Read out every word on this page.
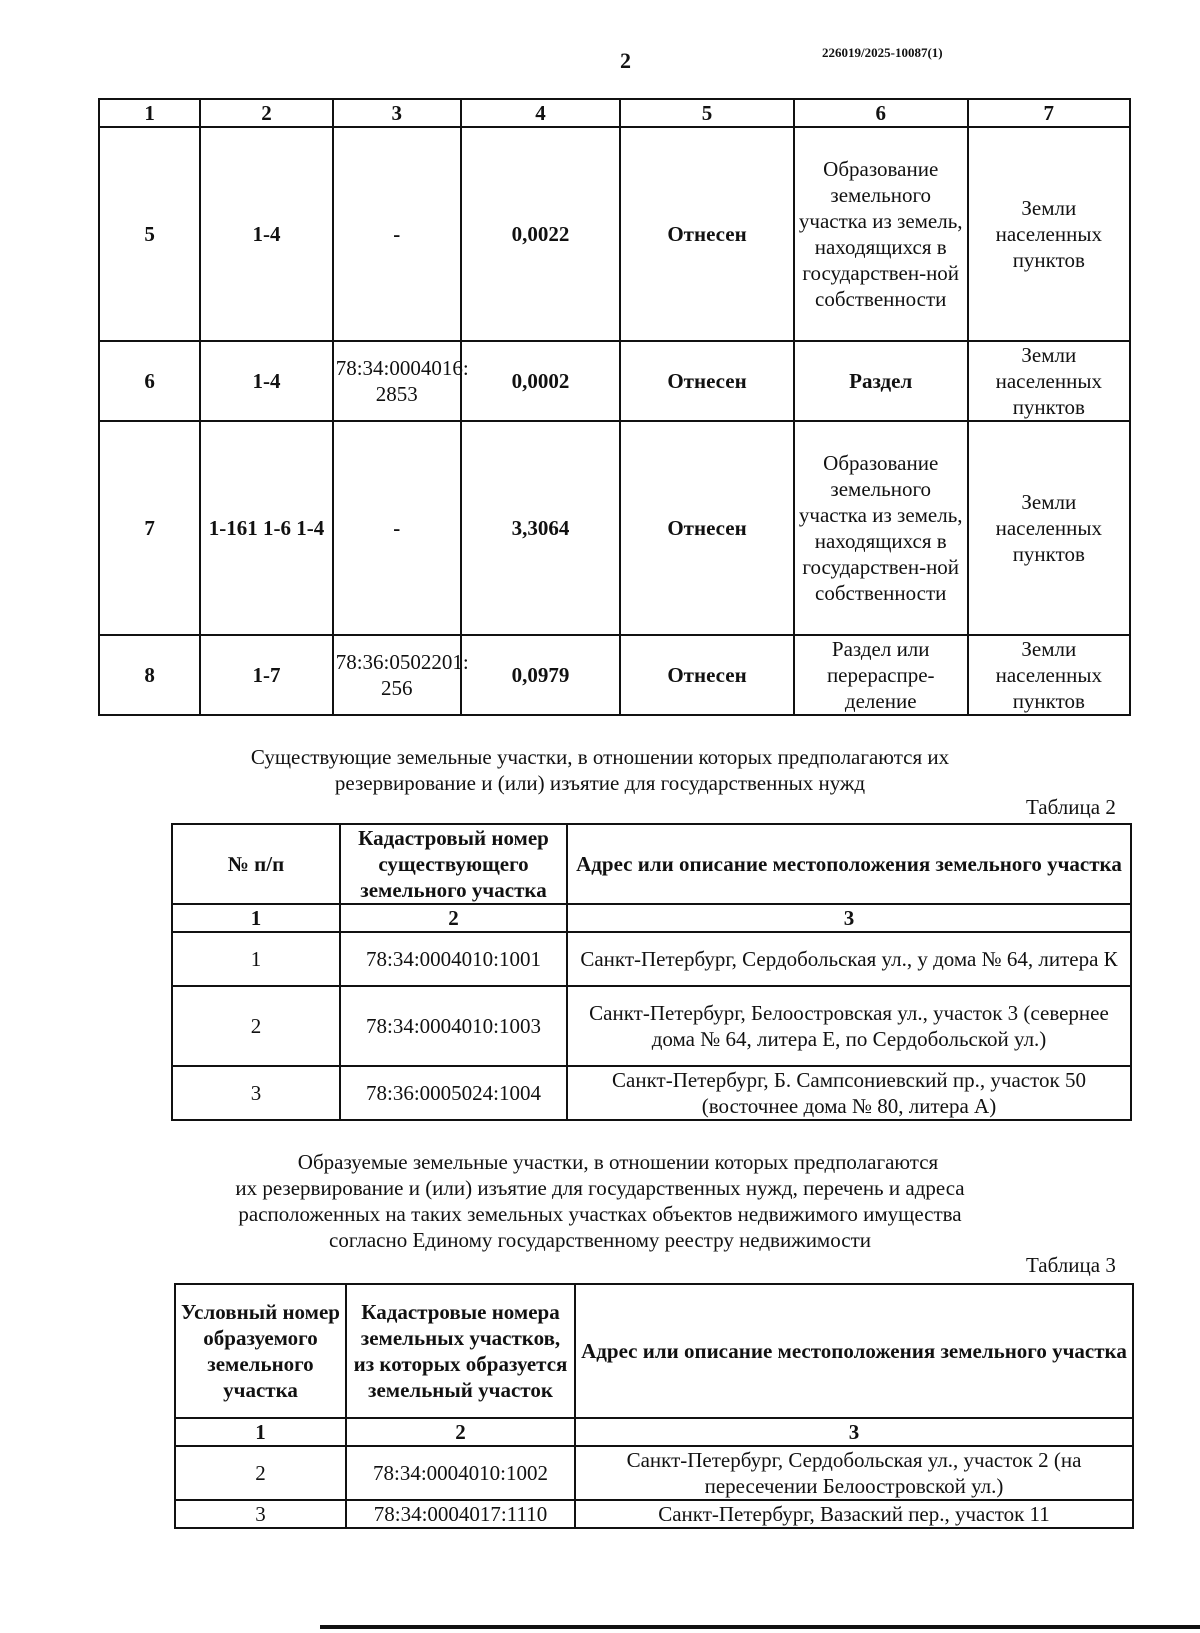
2	226019/2025-10087(1)
1	2	3	4	5	6	7
5	1-4	-	0,0022	Отнесен	Образование земельного участка из земель, находящихся в государствен-ной собственности	Земли населенных пунктов
6	1-4	78:34:0004016: 2853	0,0002	Отнесен	Раздел	Земли населенных пунктов
7	1-161 1-6 1-4	-	3,3064	Отнесен	Образование земельного участка из земель, находящихся в государствен-ной собственности	Земли населенных пунктов
8	1-7	78:36:0502201: 256	0,0979	Отнесен	Раздел или перераспре-деление	Земли населенных пунктов
Существующие земельные участки, в отношении которых предполагаются их
резервирование и (или) изъятие для государственных нужд
Таблица 2
№ п/п	Кадастровый номер существующего земельного участка	Адрес или описание местоположения земельного участка
1	2	3
1	78:34:0004010:1001	Санкт-Петербург, Сердобольская ул., у дома № 64, литера К
2	78:34:0004010:1003	Санкт-Петербург, Белоостровская ул., участок 3 (севернее дома № 64, литера Е, по Сердобольской ул.)
3	78:36:0005024:1004	Санкт-Петербург, Б. Сампсониевский пр., участок 50 (восточнее дома № 80, литера А)
Образуемые земельные участки, в отношении которых предполагаются
их резервирование и (или) изъятие для государственных нужд, перечень и адреса
расположенных на таких земельных участках объектов недвижимого имущества
согласно Единому государственному реестру недвижимости
Таблица 3
Условный номер образуемого земельного участка	Кадастровые номера земельных участков, из которых образуется земельный участок	Адрес или описание местоположения земельного участка
1	2	3
2	78:34:0004010:1002	Санкт-Петербург, Сердобольская ул., участок 2 (на пересечении Белоостровской ул.)
3	78:34:0004017:1110	Санкт-Петербург, Вазаский пер., участок 11
